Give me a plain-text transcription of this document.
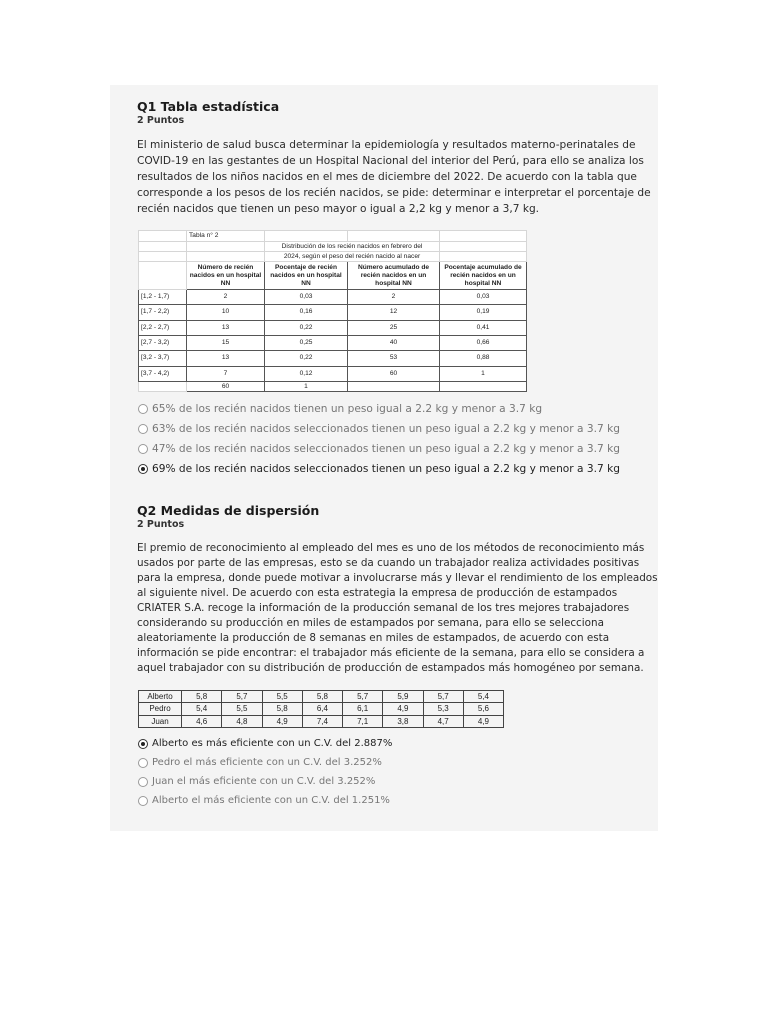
Q1 Tabla estadística
2 Puntos
El ministerio de salud busca determinar la epidemiología y resultados materno-perinatales de
COVID-19 en las gestantes de un Hospital Nacional del interior del Perú, para ello se analiza los
resultados de los niños nacidos en el mes de diciembre del 2022. De acuerdo con la tabla que
corresponde a los pesos de los recién nacidos, se pide: determinar e interpretar el porcentaje de
recién nacidos que tienen un peso mayor o igual a 2,2 kg y menor a 3,7 kg.
	Tabla n° 2			
		Distribución de los recién nacidos en febrero del		
		2024, según el peso del recién nacido al nacer		
	Número de recién nacidos en un hospital NN	Pocentaje de recién nacidos en un hospital NN	Número acumulado de recién nacidos en un hospital NN	Pocentaje acumulado de recién nacidos en un hospital NN
[1,2 - 1,7)	2	0,03	2	0,03
[1,7 - 2,2)	10	0,16	12	0,19
[2,2 - 2,7)	13	0,22	25	0,41
[2,7 - 3,2)	15	0,25	40	0,66
[3,2 - 3,7)	13	0,22	53	0,88
[3,7 - 4,2)	7	0,12	60	1
	60	1		
65% de los recién nacidos tienen un peso igual a 2.2 kg y menor a 3.7 kg
63% de los recién nacidos seleccionados tienen un peso igual a 2.2 kg y menor a 3.7 kg
47% de los recién nacidos seleccionados tienen un peso igual a 2.2 kg y menor a 3.7 kg
69% de los recién nacidos seleccionados tienen un peso igual a 2.2 kg y menor a 3.7 kg
Q2 Medidas de dispersión
2 Puntos
El premio de reconocimiento al empleado del mes es uno de los métodos de reconocimiento más
usados por parte de las empresas, esto se da cuando un trabajador realiza actividades positivas
para la empresa, donde puede motivar a involucrarse más y llevar el rendimiento de los empleados
al siguiente nivel. De acuerdo con esta estrategia la empresa de producción de estampados
CRIATER S.A. recoge la información de la producción semanal de los tres mejores trabajadores
considerando su producción en miles de estampados por semana, para ello se selecciona
aleatoriamente la producción de 8 semanas en miles de estampados, de acuerdo con esta
información se pide encontrar: el trabajador más eficiente de la semana, para ello se considera a
aquel trabajador con su distribución de producción de estampados más homogéneo por semana.
Alberto	5,8	5,7	5,5	5,8	5,7	5,9	5,7	5,4
Pedro	5,4	5,5	5,8	6,4	6,1	4,9	5,3	5,6
Juan	4,6	4,8	4,9	7,4	7,1	3,8	4,7	4,9
Alberto es más eficiente con un C.V. del 2.887%
Pedro el más eficiente con un C.V. del 3.252%
Juan el más eficiente con un C.V. del 3.252%
Alberto el más eficiente con un C.V. del 1.251%
